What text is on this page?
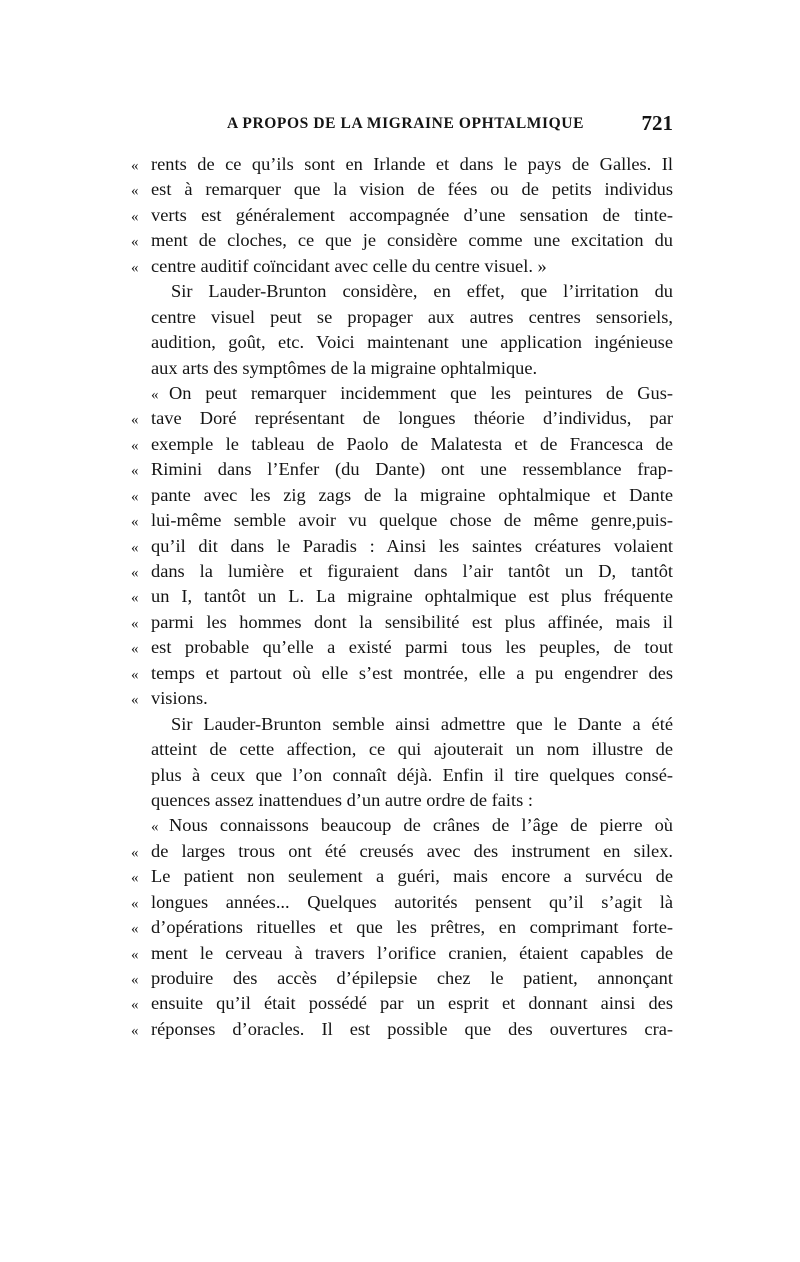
A PROPOS DE LA MIGRAINE OPHTALMIQUE	721
« rents de ce qu’ils sont en Irlande et dans le pays de Galles. Il
« est à remarquer que la vision de fées ou de petits individus
« verts est généralement accompagnée d’une sensation de tinte-
« ment de cloches, ce que je considère comme une excitation du
« centre auditif coïncidant avec celle du centre visuel. »
Sir Lauder-Brunton considère, en effet, que l’irritation du
centre visuel peut se propager aux autres centres sensoriels,
audition, goût, etc. Voici maintenant une application ingénieuse
aux arts des symptômes de la migraine ophtalmique.
« On peut remarquer incidemment que les peintures de Gus-
« tave Doré représentant de longues théorie d’individus, par
« exemple le tableau de Paolo de Malatesta et de Francesca de
« Rimini dans l’Enfer (du Dante) ont une ressemblance frap-
« pante avec les zig zags de la migraine ophtalmique et Dante
« lui-même semble avoir vu quelque chose de même genre,puis-
« qu’il dit dans le Paradis : Ainsi les saintes créatures volaient
« dans la lumière et figuraient dans l’air tantôt un D, tantôt
« un I, tantôt un L. La migraine ophtalmique est plus fréquente
« parmi les hommes dont la sensibilité est plus affinée, mais il
« est probable qu’elle a existé parmi tous les peuples, de tout
« temps et partout où elle s’est montrée, elle a pu engendrer des
« visions.
Sir Lauder-Brunton semble ainsi admettre que le Dante a été
atteint de cette affection, ce qui ajouterait un nom illustre de
plus à ceux que l’on connaît déjà. Enfin il tire quelques consé-
quences assez inattendues d’un autre ordre de faits :
« Nous connaissons beaucoup de crânes de l’âge de pierre où
« de larges trous ont été creusés avec des instrument en silex.
« Le patient non seulement a guéri, mais encore a survécu de
« longues années... Quelques autorités pensent qu’il s’agit là
« d’opérations rituelles et que les prêtres, en comprimant forte-
« ment le cerveau à travers l’orifice cranien, étaient capables de
« produire des accès d’épilepsie chez le patient, annonçant
« ensuite qu’il était possédé par un esprit et donnant ainsi des
« réponses d’oracles. Il est possible que des ouvertures cra-
